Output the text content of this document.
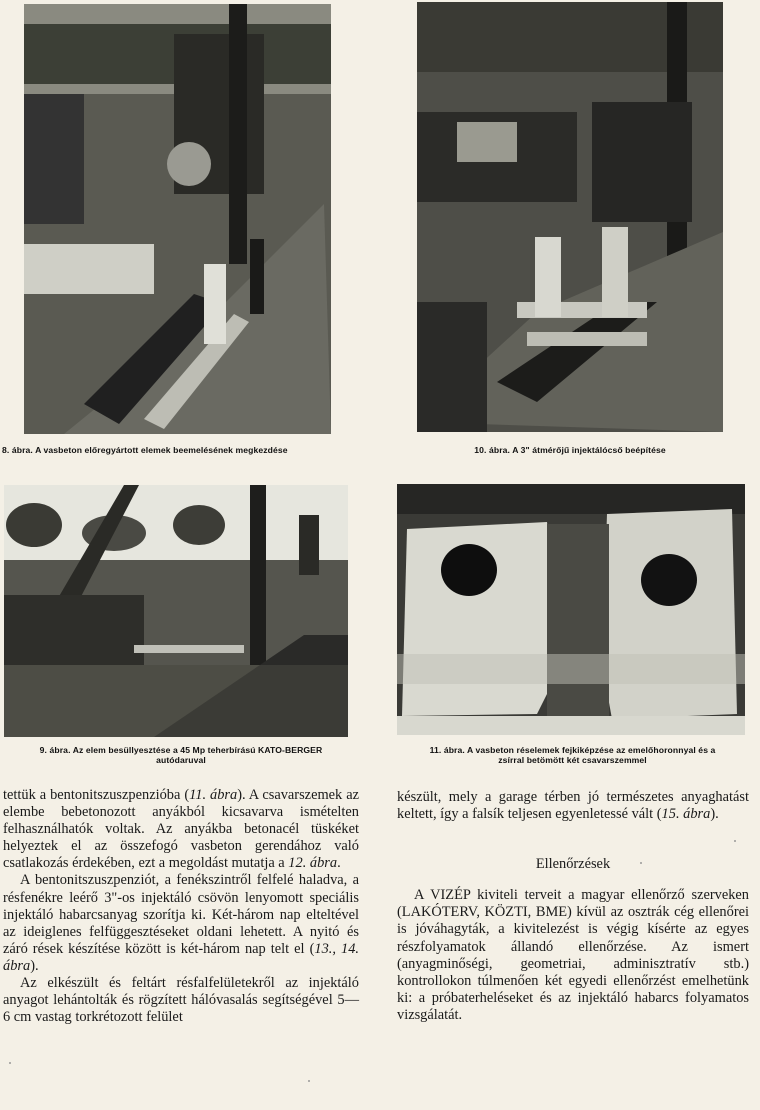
8. ábra. A vasbeton előregyártott elemek beemelésének megkezdése	10. ábra. A 3" átmérőjű injektálócső beépítése
9. ábra. Az elem besüllyesztése a 45 Mp teherbírású KATO-BERGER
autódaruval
11. ábra. A vasbeton réselemek fejkiképzése az emelőhoronnyal és a
zsírral betömött két csavarszemmel

tettük a bentonitszuszpenzióba (11. ábra). A csavarszemek az elembe bebetonozott anyákból kicsavarva ismételten felhasználhatók voltak. Az anyákba betonacél tüskéket helyeztek el az összefogó vasbeton gerendához való csatlakozás érdekében, ezt a megoldást mutatja a 12. ábra.

A bentonitszuszpenziót, a fenékszintről felfelé haladva, a résfenékre leérő 3"-os injektáló csövön lenyomott speciális injektáló habarcsanyag szorítja ki. Két-három nap elteltével az ideiglenes felfüggesztéseket oldani lehetett. A nyitó és záró rések készítése között is két-három nap telt el (13., 14. ábra).

Az elkészült és feltárt résfalfelületekről az injektáló anyagot lehántolták és rögzített hálóvasalás segítségével 5—6 cm vastag torkrétozott felület

készült, mely a garage térben jó természetes anyaghatást keltett, így a falsík teljesen egyenletessé vált (15. ábra).

Ellenőrzések

A VIZÉP kiviteli terveit a magyar ellenőrző szerveken (LAKÓTERV, KÖZTI, BME) kívül az osztrák cég ellenőrei is jóváhagyták, a kivitelezést is végig kísérte az egyes részfolyamatok állandó ellenőrzése. Az ismert (anyagminőségi, geometriai, adminisztratív stb.) kontrollokon túlmenően két egyedi ellenőrzést emelhetünk ki: a próbaterheléseket és az injektáló habarcs folyamatos vizsgálatát.
